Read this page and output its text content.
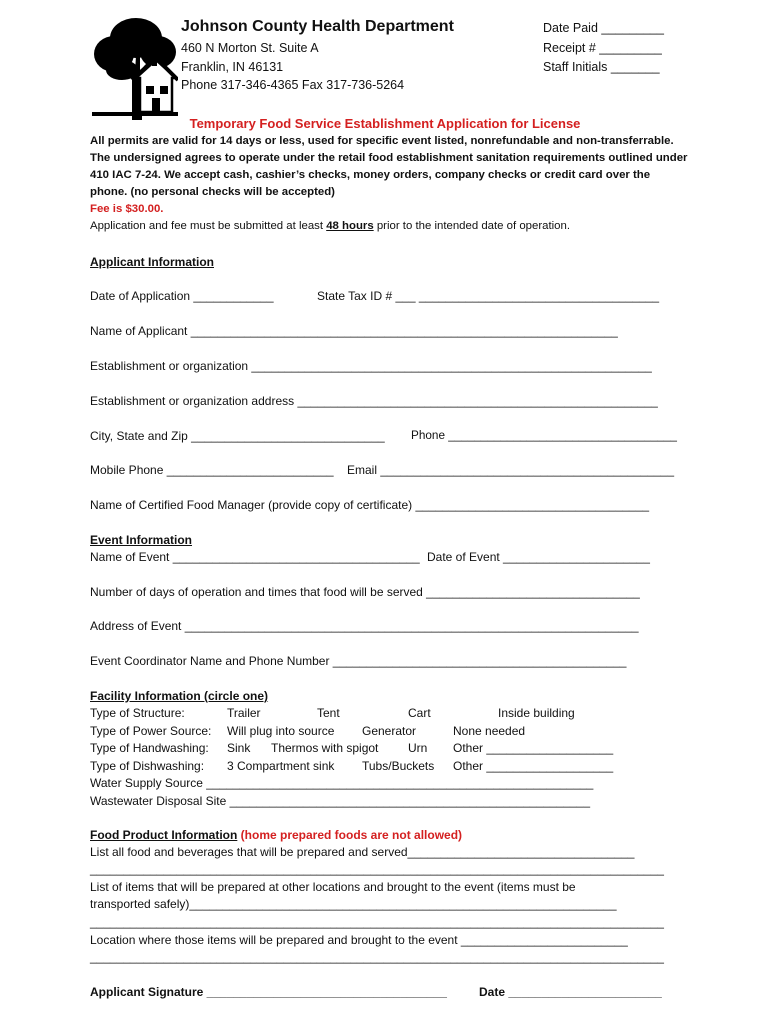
Johnson County Health Department
460 N Morton St. Suite A
Franklin, IN 46131
Phone 317-346-4365 Fax 317-736-5264
Date Paid _________
Receipt # _________
Staff Initials _______
Temporary Food Service Establishment Application for License
All permits are valid for 14 days or less, used for specific event listed, nonrefundable and non-transferrable. The undersigned agrees to operate under the retail food establishment sanitation requirements outlined under 410 IAC 7-24. We accept cash, cashier’s checks, money orders, company checks or credit card over the phone. (no personal checks will be accepted)
Fee is $30.00.
Application and fee must be submitted at least 48 hours prior to the intended date of operation.
Applicant Information
Date of Application ____________	State Tax ID # ___ ____________________________________
Name of Applicant ________________________________________________________________
Establishment or organization ____________________________________________________________
Establishment or organization address ______________________________________________________
City, State and Zip _____________________________ Phone ___________________________________
Mobile Phone _________________________ Email ____________________________________________
Name of Certified Food Manager (provide copy of certificate) ___________________________________
Event Information
Name of Event _____________________________________ Date of Event ______________________
Number of days of operation and times that food will be served ________________________________
Address of Event ____________________________________________________________________
Event Coordinator Name and Phone Number ____________________________________________
Facility Information (circle one)
Type of Structure:	Trailer	Tent	Cart	Inside building
Type of Power Source: Will plug into source Generator	None needed
Type of Handwashing: Sink Thermos with spigot Urn Other ___________________
Type of Dishwashing: 3 Compartment sink Tubs/Buckets Other ___________________
Water Supply Source __________________________________________________________
Wastewater Disposal Site ______________________________________________________
Food Product Information (home prepared foods are not allowed)
List all food and beverages that will be prepared and served__________________________________
______________________________________________________________________________________
List of items that will be prepared at other locations and brought to the event (items must be
transported safely)________________________________________________________________
______________________________________________________________________________________
Location where those items will be prepared and brought to the event _________________________
______________________________________________________________________________________
Applicant Signature ____________________________________	Date _______________________
